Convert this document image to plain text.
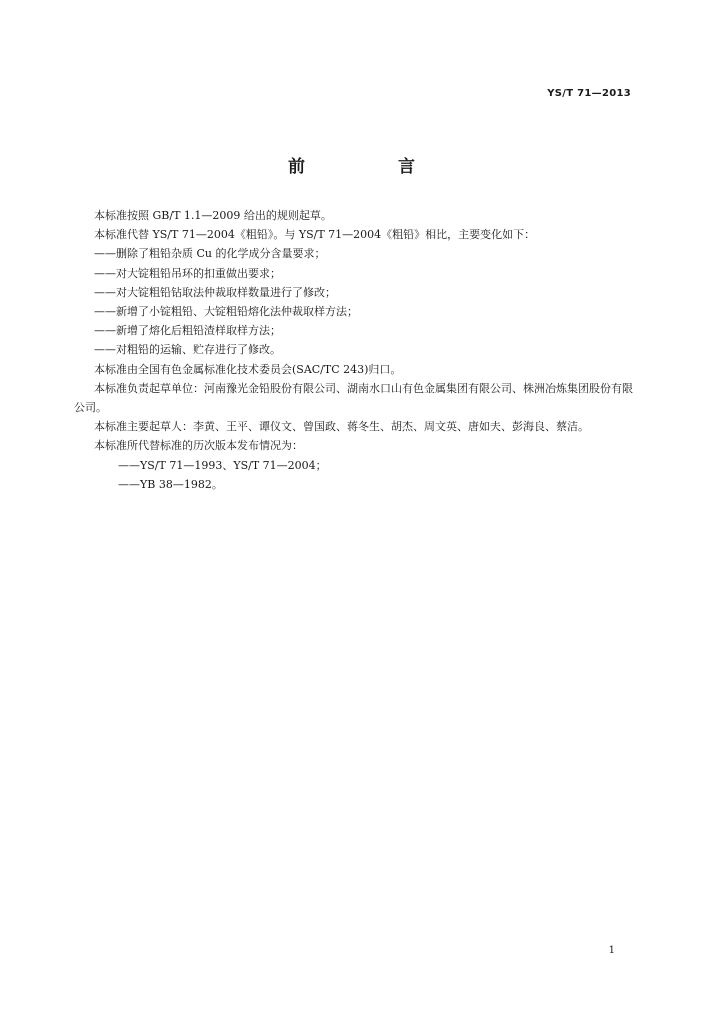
YS/T 71—2013
前　言

本标准按照 GB/T 1.1—2009 给出的规则起草。

本标准代替 YS/T 71—2004《粗铅》。与 YS/T 71—2004《粗铅》相比，主要变化如下：

——删除了粗铅杂质 Cu 的化学成分含量要求；

——对大锭粗铅吊环的扣重做出要求；

——对大锭粗铅钻取法仲裁取样数量进行了修改；

——新增了小锭粗铅、大锭粗铅熔化法仲裁取样方法；

——新增了熔化后粗铅渣样取样方法；

——对粗铅的运输、贮存进行了修改。

本标准由全国有色金属标准化技术委员会(SAC/TC 243)归口。

本标准负责起草单位：河南豫光金铅股份有限公司、湖南水口山有色金属集团有限公司、株洲冶炼集团股份有限公司。

本标准主要起草人：李黄、王平、谭仪文、曾国政、蒋冬生、胡杰、周文英、唐如夫、彭海良、蔡洁。

本标准所代替标准的历次版本发布情况为：

——YS/T 71—1993、YS/T 71—2004；

——YB 38—1982。

1
